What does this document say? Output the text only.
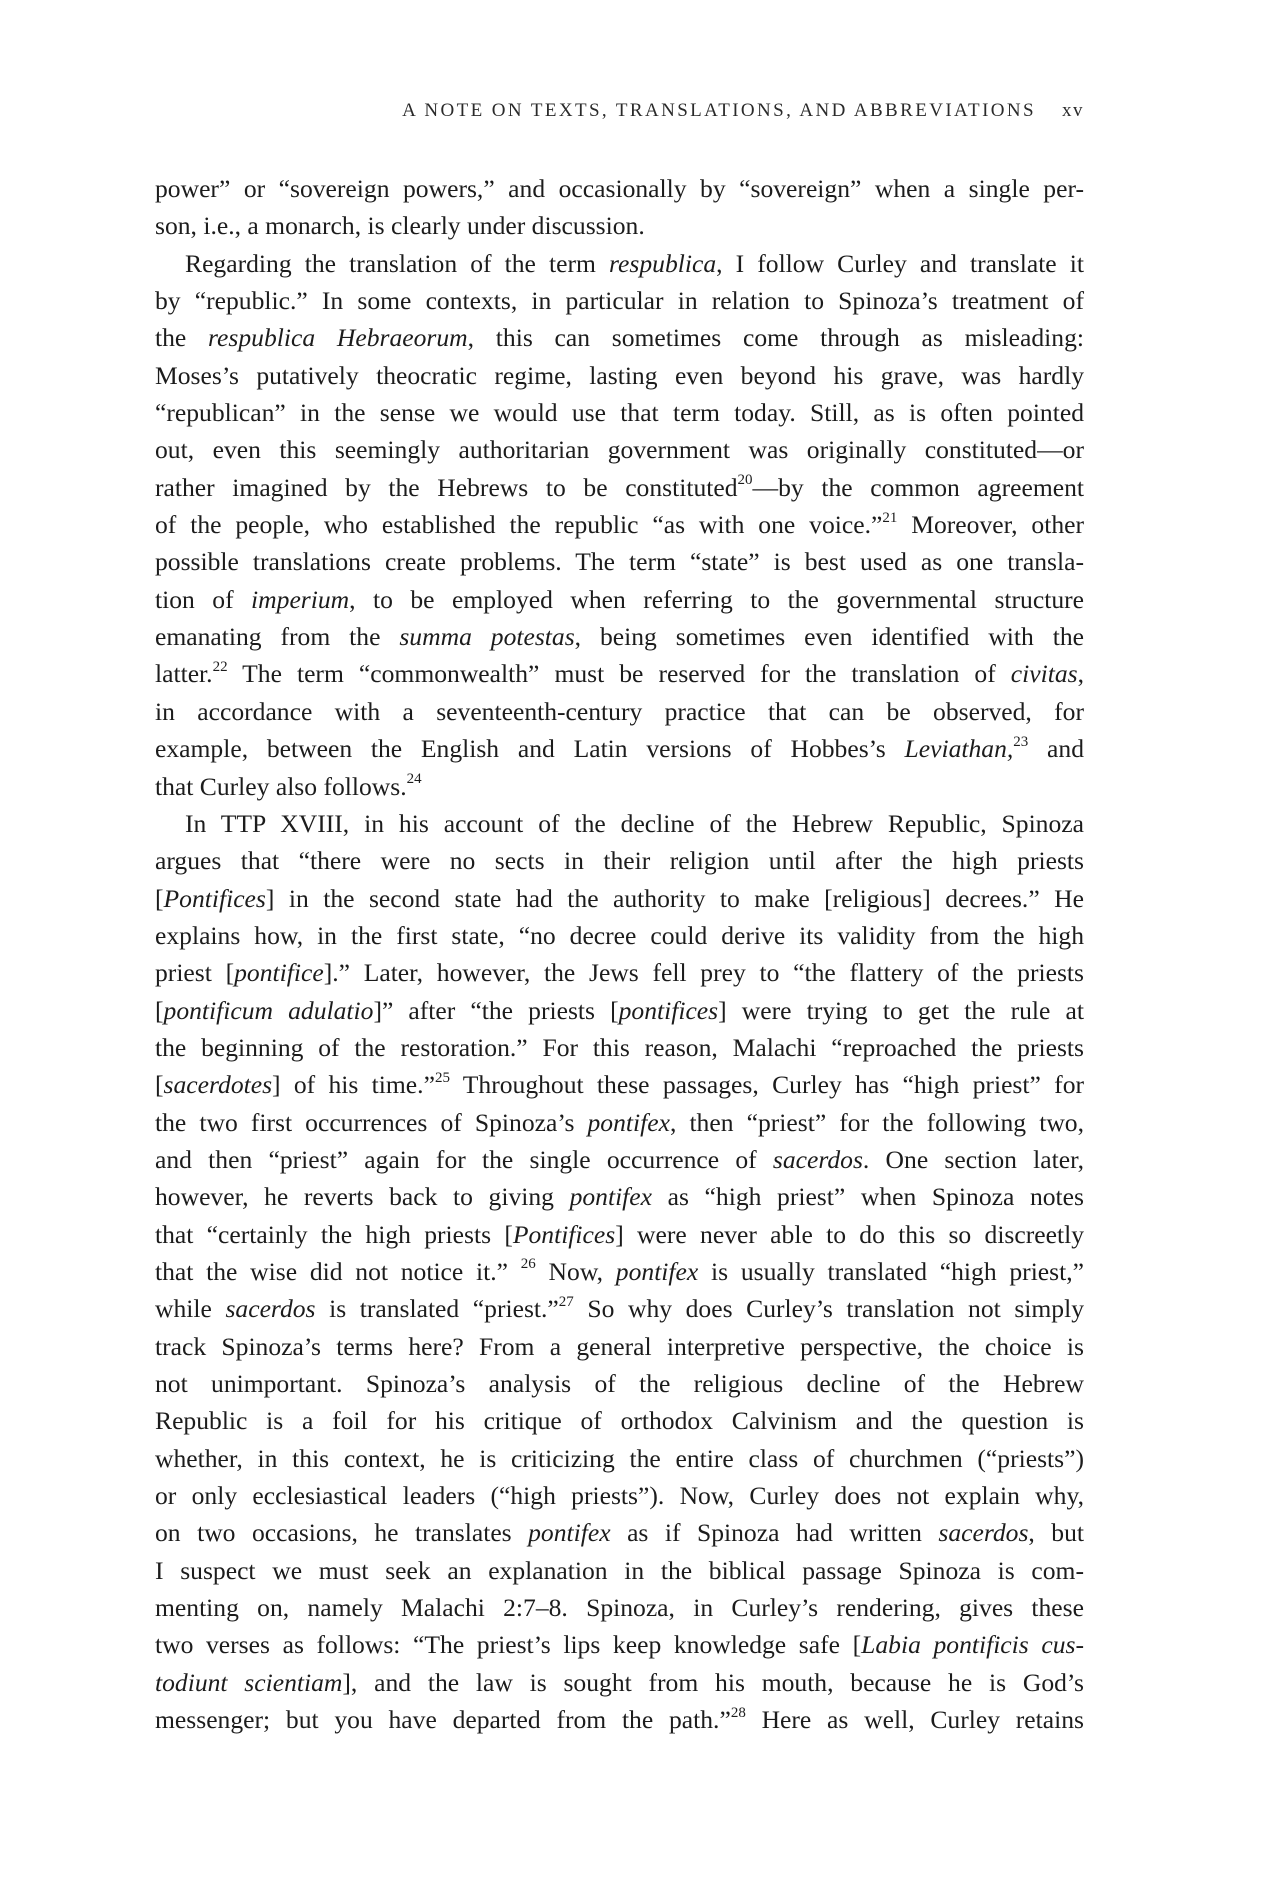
A NOTE ON TEXTS, TRANSLATIONS, AND ABBREVIATIONS xv
power” or “sovereign powers,” and occasionally by “sovereign” when a single per-
son, i.e., a monarch, is clearly under discussion.
Regarding the translation of the term respublica, I follow Curley and translate it
by “republic.” In some contexts, in particular in relation to Spinoza’s treatment of
the respublica Hebraeorum, this can sometimes come through as misleading:
Moses’s putatively theocratic regime, lasting even beyond his grave, was hardly
“republican” in the sense we would use that term today. Still, as is often pointed
out, even this seemingly authoritarian government was originally constituted—or
rather imagined by the Hebrews to be constituted$^{20}$—by the common agreement
of the people, who established the republic “as with one voice.”$^{21}$ Moreover, other
possible translations create problems. The term “state” is best used as one transla-
tion of imperium, to be employed when referring to the governmental structure
emanating from the summa potestas, being sometimes even identified with the
latter.$^{22}$ The term “commonwealth” must be reserved for the translation of civitas,
in accordance with a seventeenth-century practice that can be observed, for
example, between the English and Latin versions of Hobbes’s Leviathan,$^{23}$ and
that Curley also follows.$^{24}$
In TTP XVIII, in his account of the decline of the Hebrew Republic, Spinoza
argues that “there were no sects in their religion until after the high priests
[Pontifices] in the second state had the authority to make [religious] decrees.” He
explains how, in the first state, “no decree could derive its validity from the high
priest [pontifice].” Later, however, the Jews fell prey to “the flattery of the priests
[pontificum adulatio]” after “the priests [pontifices] were trying to get the rule at
the beginning of the restoration.” For this reason, Malachi “reproached the priests
[sacerdotes] of his time.”$^{25}$ Throughout these passages, Curley has “high priest” for
the two first occurrences of Spinoza’s pontifex, then “priest” for the following two,
and then “priest” again for the single occurrence of sacerdos. One section later,
however, he reverts back to giving pontifex as “high priest” when Spinoza notes
that “certainly the high priests [Pontifices] were never able to do this so discreetly
that the wise did not notice it.” $^{26}$ Now, pontifex is usually translated “high priest,”
while sacerdos is translated “priest.”$^{27}$ So why does Curley’s translation not simply
track Spinoza’s terms here? From a general interpretive perspective, the choice is
not unimportant. Spinoza’s analysis of the religious decline of the Hebrew
Republic is a foil for his critique of orthodox Calvinism and the question is
whether, in this context, he is criticizing the entire class of churchmen (“priests”)
or only ecclesiastical leaders (“high priests”). Now, Curley does not explain why,
on two occasions, he translates pontifex as if Spinoza had written sacerdos, but
I suspect we must seek an explanation in the biblical passage Spinoza is com-
menting on, namely Malachi 2:7–8. Spinoza, in Curley’s rendering, gives these
two verses as follows: “The priest’s lips keep knowledge safe [Labia pontificis cus-
todiunt scientiam], and the law is sought from his mouth, because he is God’s
messenger; but you have departed from the path.”$^{28}$ Here as well, Curley retains
